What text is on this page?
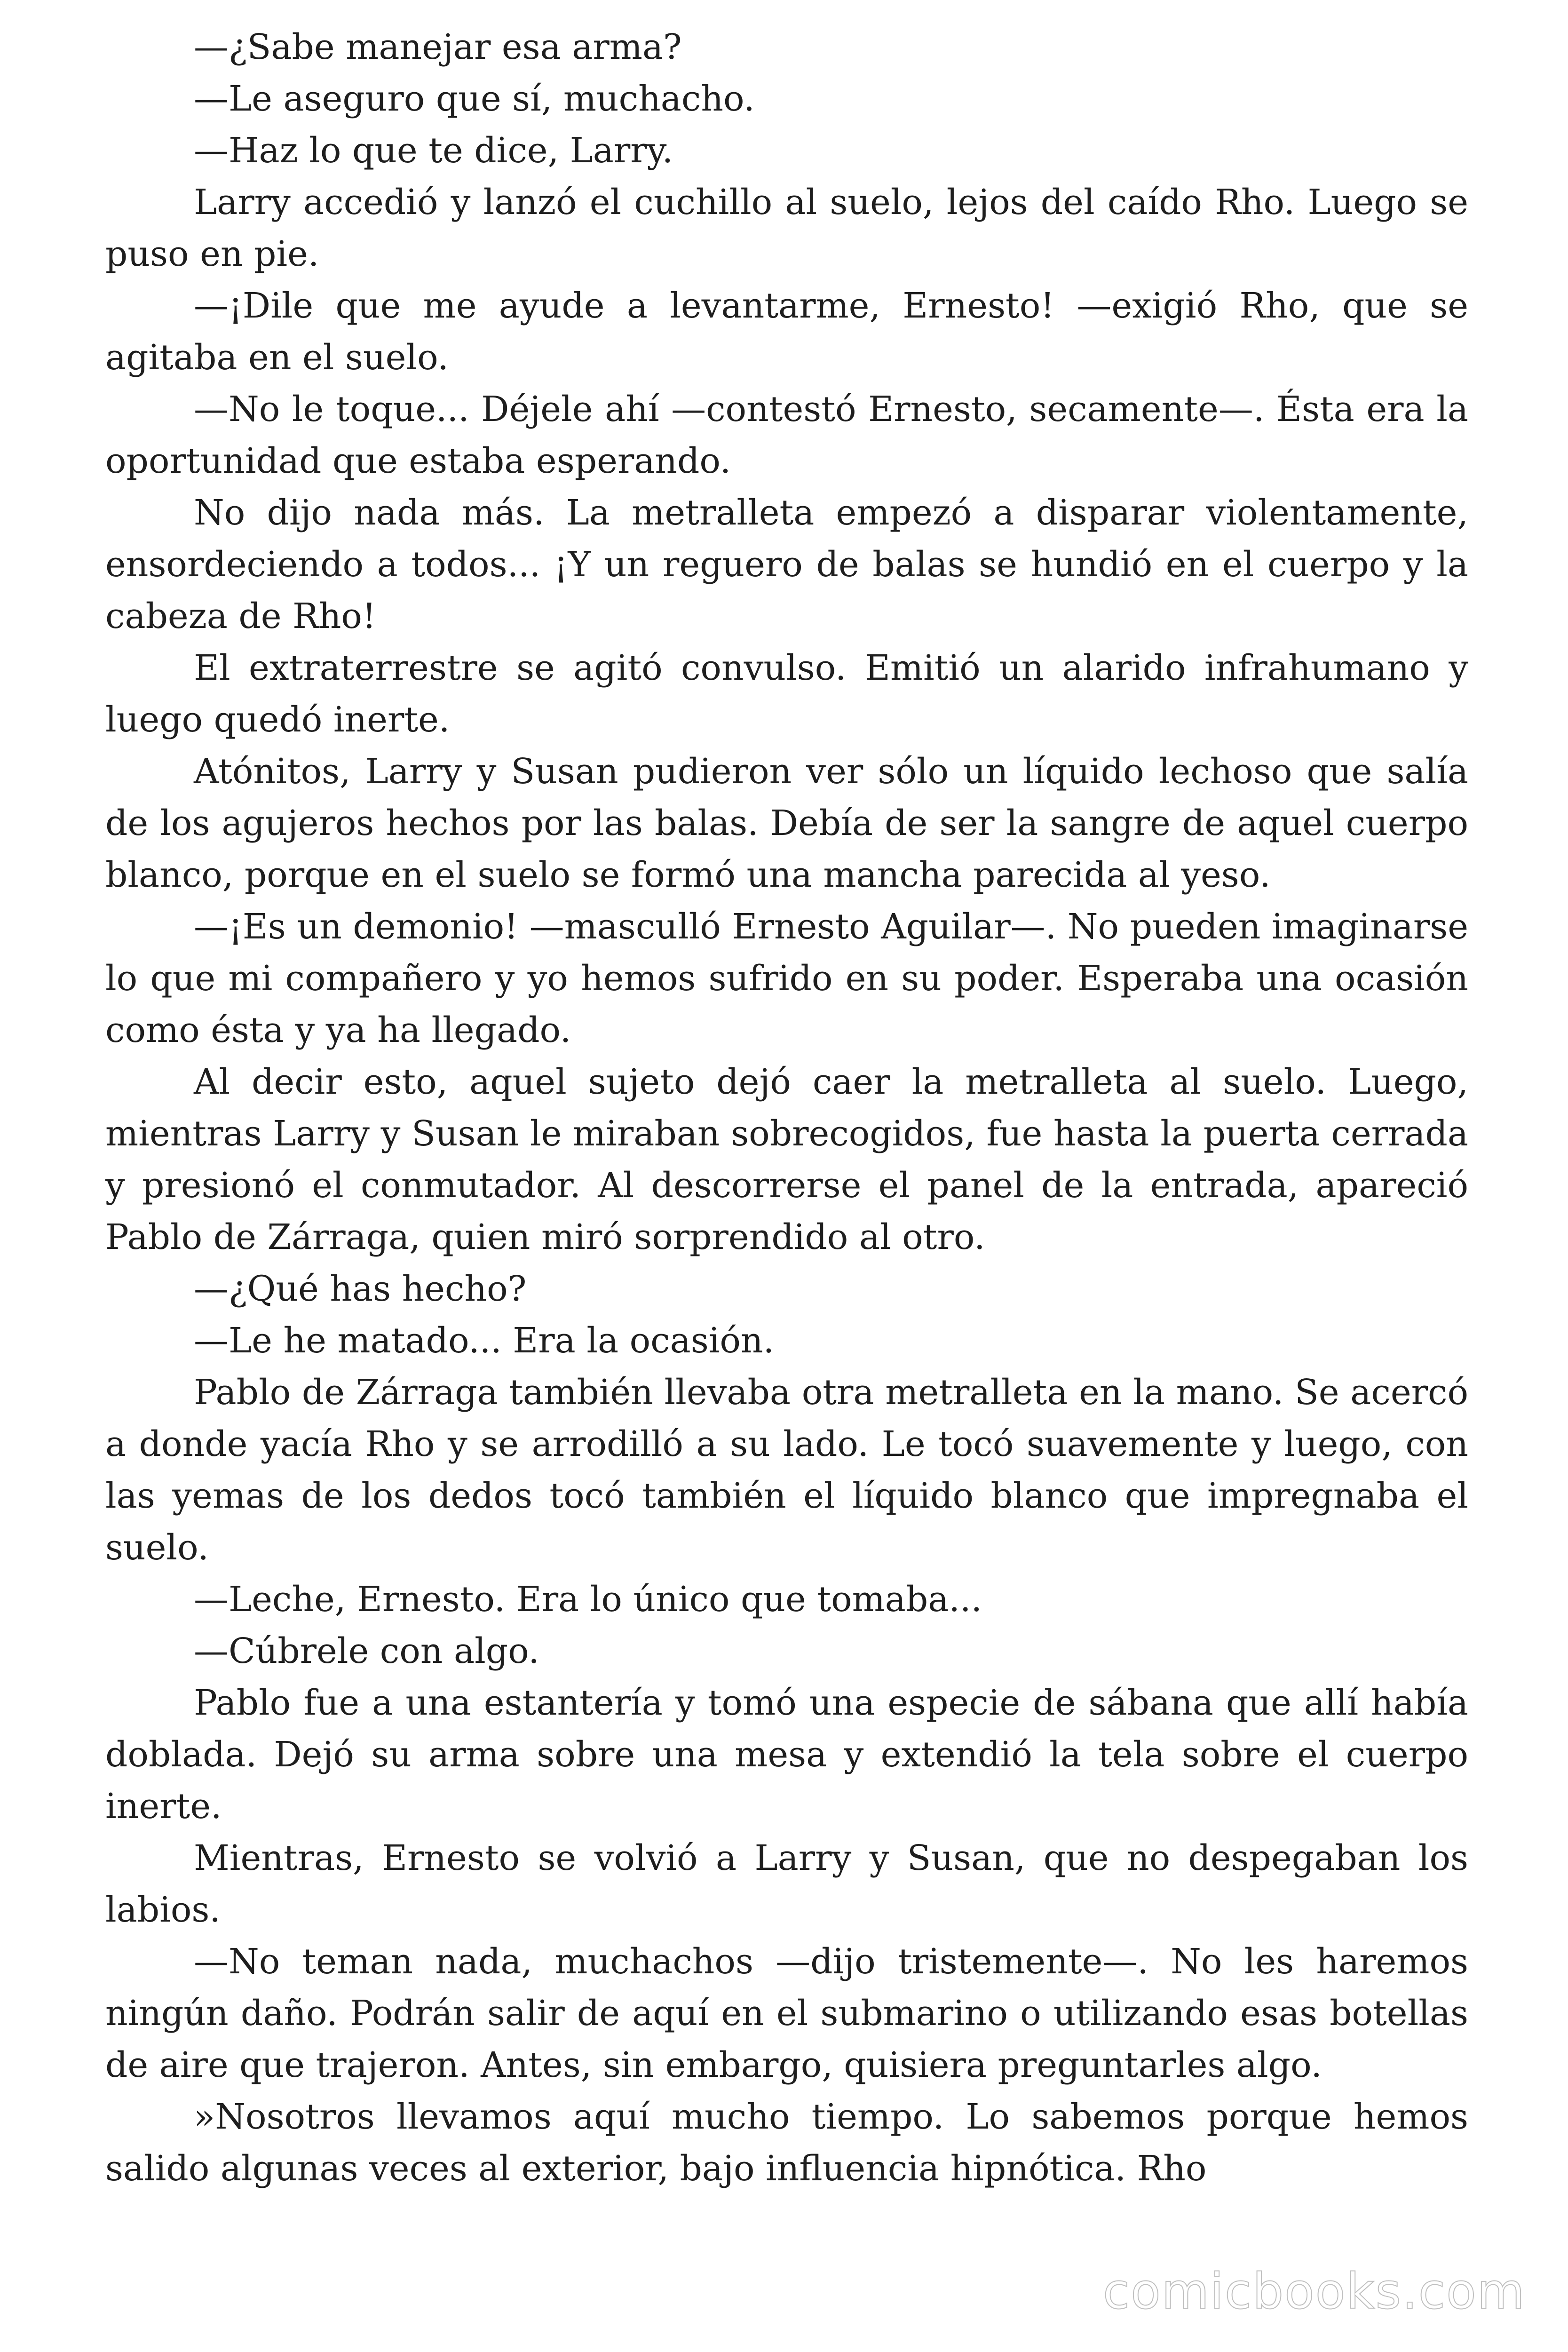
—¿Sabe manejar esa arma?

—Le aseguro que sí, muchacho.

—Haz lo que te dice, Larry.

Larry accedió y lanzó el cuchillo al suelo, lejos del caído Rho. Luego se puso en pie.

—¡Dile que me ayude a levantarme, Ernesto! —exigió Rho, que se agitaba en el suelo.

—No le toque... Déjele ahí —contestó Ernesto, secamente—. Ésta era la oportunidad que estaba esperando.

No dijo nada más. La metralleta empezó a disparar violentamente, ensordeciendo a todos... ¡Y un reguero de balas se hundió en el cuerpo y la cabeza de Rho!

El extraterrestre se agitó convulso. Emitió un alarido infrahumano y luego quedó inerte.

Atónitos, Larry y Susan pudieron ver sólo un líquido lechoso que salía de los agujeros hechos por las balas. Debía de ser la sangre de aquel cuerpo blanco, porque en el suelo se formó una mancha parecida al yeso.

—¡Es un demonio! —masculló Ernesto Aguilar—. No pueden imaginarse lo que mi compañero y yo hemos sufrido en su poder. Esperaba una ocasión como ésta y ya ha llegado.

Al decir esto, aquel sujeto dejó caer la metralleta al suelo. Luego, mientras Larry y Susan le miraban sobrecogidos, fue hasta la puerta cerrada y presionó el conmutador. Al descorrerse el panel de la entrada, apareció Pablo de Zárraga, quien miró sorprendido al otro.

—¿Qué has hecho?

—Le he matado... Era la ocasión.

Pablo de Zárraga también llevaba otra metralleta en la mano. Se acercó a donde yacía Rho y se arrodilló a su lado. Le tocó suavemente y luego, con las yemas de los dedos tocó también el líquido blanco que impregnaba el suelo.

—Leche, Ernesto. Era lo único que tomaba...

—Cúbrele con algo.

Pablo fue a una estantería y tomó una especie de sábana que allí había doblada. Dejó su arma sobre una mesa y extendió la tela sobre el cuerpo inerte.

Mientras, Ernesto se volvió a Larry y Susan, que no despegaban los labios.

—No teman nada, muchachos —dijo tristemente—. No les haremos ningún daño. Podrán salir de aquí en el submarino o utilizando esas botellas de aire que trajeron. Antes, sin embargo, quisiera preguntarles algo.

»Nosotros llevamos aquí mucho tiempo. Lo sabemos porque hemos salido algunas veces al exterior, bajo influencia hipnótica. Rho

comicbooks.com
